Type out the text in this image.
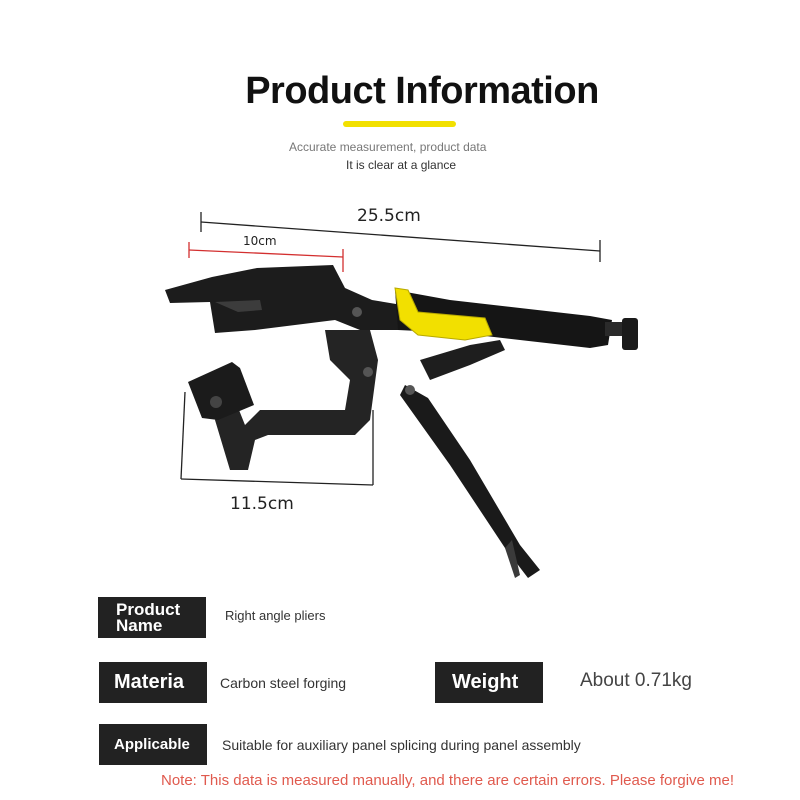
Product Information
Accurate measurement, product data
It is clear at a glance
25.5cm
10cm
11.5cm
Product Name	Right angle pliers
Materia	Carbon steel forging	Weight	About 0.71kg
Applicable Suitable for auxiliary panel splicing during panel assembly
Note: This data is measured manually, and there are certain errors. Please forgive me!
